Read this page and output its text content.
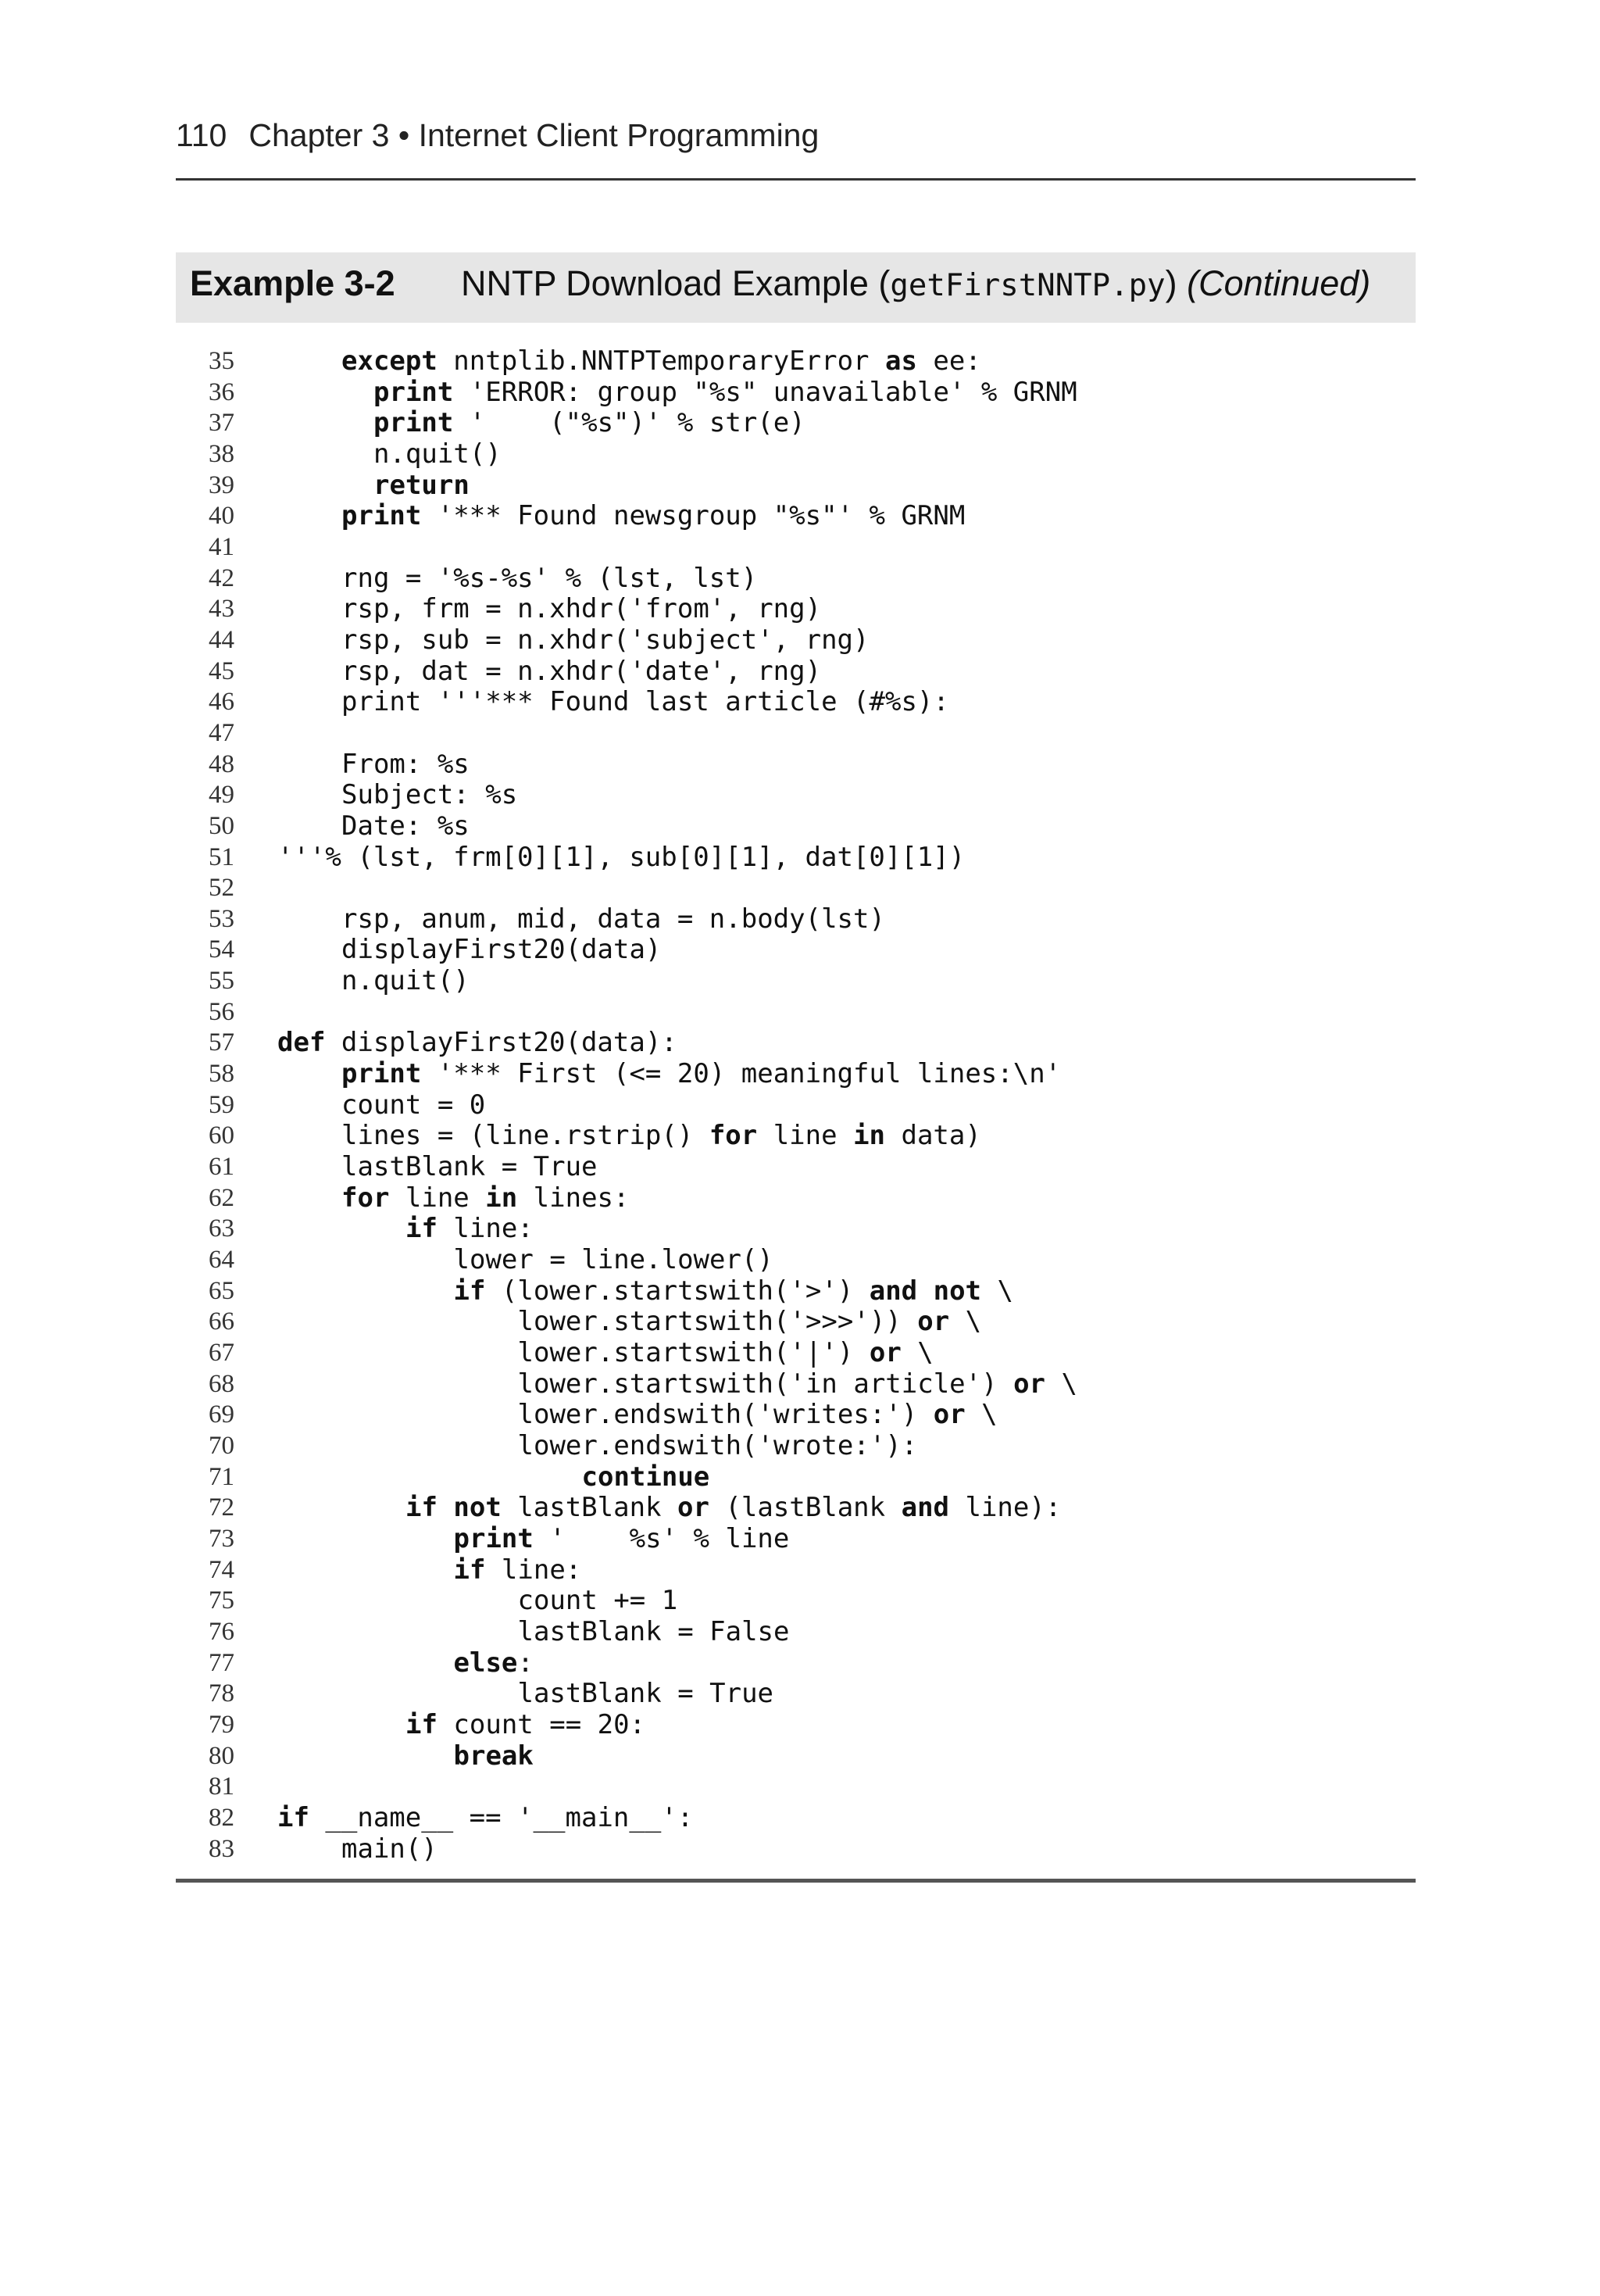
110 Chapter 3 • Internet Client Programming
Example 3-2 NNTP Download Example (getFirstNNTP.py) (Continued)
35	except nntplib.NNTPTemporaryError as ee:
36	print 'ERROR: group "%s" unavailable' % GRNM
37	print '    ("%s")' % str(e)
38	n.quit()
39	return
40	print '*** Found newsgroup "%s"' % GRNM
41
42	rng = '%s-%s' % (lst, lst)
43	rsp, frm = n.xhdr('from', rng)
44	rsp, sub = n.xhdr('subject', rng)
45	rsp, dat = n.xhdr('date', rng)
46	print '''*** Found last article (#%s):
47
48	From: %s
49	Subject: %s
50	Date: %s
51	'''% (lst, frm[0][1], sub[0][1], dat[0][1])
52
53	rsp, anum, mid, data = n.body(lst)
54	displayFirst20(data)
55	n.quit()
56
57	def displayFirst20(data):
58	print '*** First (<= 20) meaningful lines:\n'
59	count = 0
60	lines = (line.rstrip() for line in data)
61	lastBlank = True
62	for line in lines:
63	if line:
64	lower = line.lower()
65	if (lower.startswith('>') and not \
66	lower.startswith('>>>')) or \
67	lower.startswith('|') or \
68	lower.startswith('in article') or \
69	lower.endswith('writes:') or \
70	lower.endswith('wrote:'):
71	continue
72	if not lastBlank or (lastBlank and line):
73	print '    %s' % line
74	if line:
75	count += 1
76	lastBlank = False
77	else:
78	lastBlank = True
79	if count == 20:
80	break
81
82	if __name__ == '__main__':
83	main()
